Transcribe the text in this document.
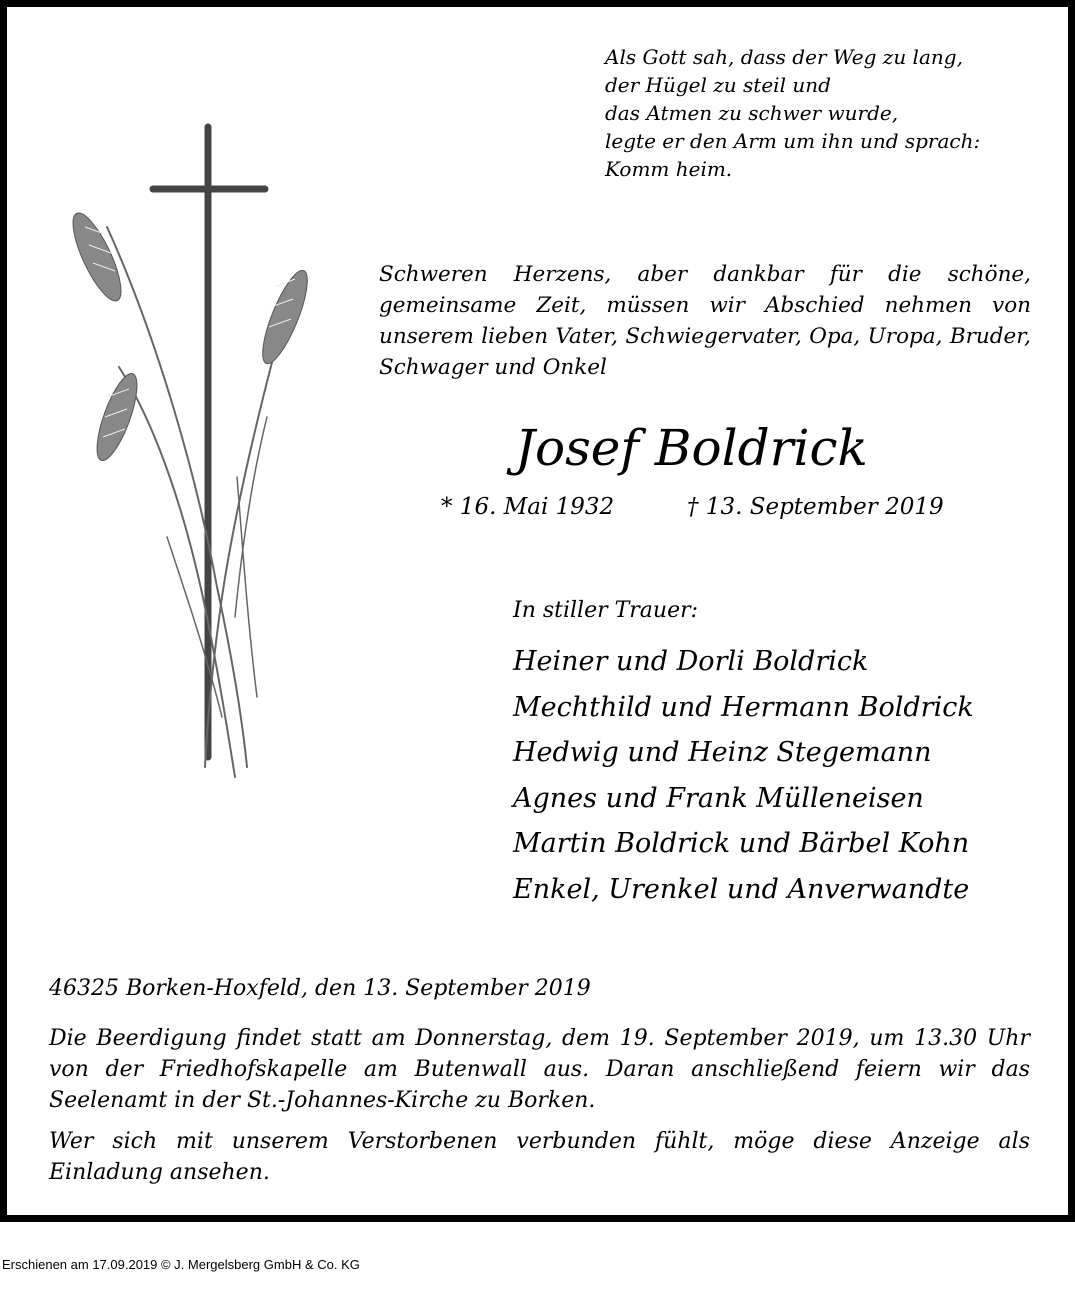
Als Gott sah, dass der Weg zu lang,
der Hügel zu steil und
das Atmen zu schwer wurde,
legte er den Arm um ihn und sprach:
Komm heim.
Schweren Herzens, aber dankbar für die schöne, gemeinsame Zeit, müssen wir Abschied nehmen von unserem lieben Vater, Schwiegervater, Opa, Uropa, Bruder, Schwager und Onkel
Josef Boldrick
* 16. Mai 1932	† 13. September 2019
In stiller Trauer:
Heiner und Dorli Boldrick
Mechthild und Hermann Boldrick
Hedwig und Heinz Stegemann
Agnes und Frank Mülleneisen
Martin Boldrick und Bärbel Kohn
Enkel, Urenkel und Anverwandte
46325 Borken-Hoxfeld, den 13. September 2019

Die Beerdigung findet statt am Donnerstag, dem 19. September 2019, um 13.30 Uhr von der Friedhofskapelle am Butenwall aus. Daran anschließend feiern wir das Seelenamt in der St.-Johannes-Kirche zu Borken.

Wer sich mit unserem Verstorbenen verbunden fühlt, möge diese Anzeige als Einladung ansehen.

Erschienen am 17.09.2019 © J. Mergelsberg GmbH & Co. KG
